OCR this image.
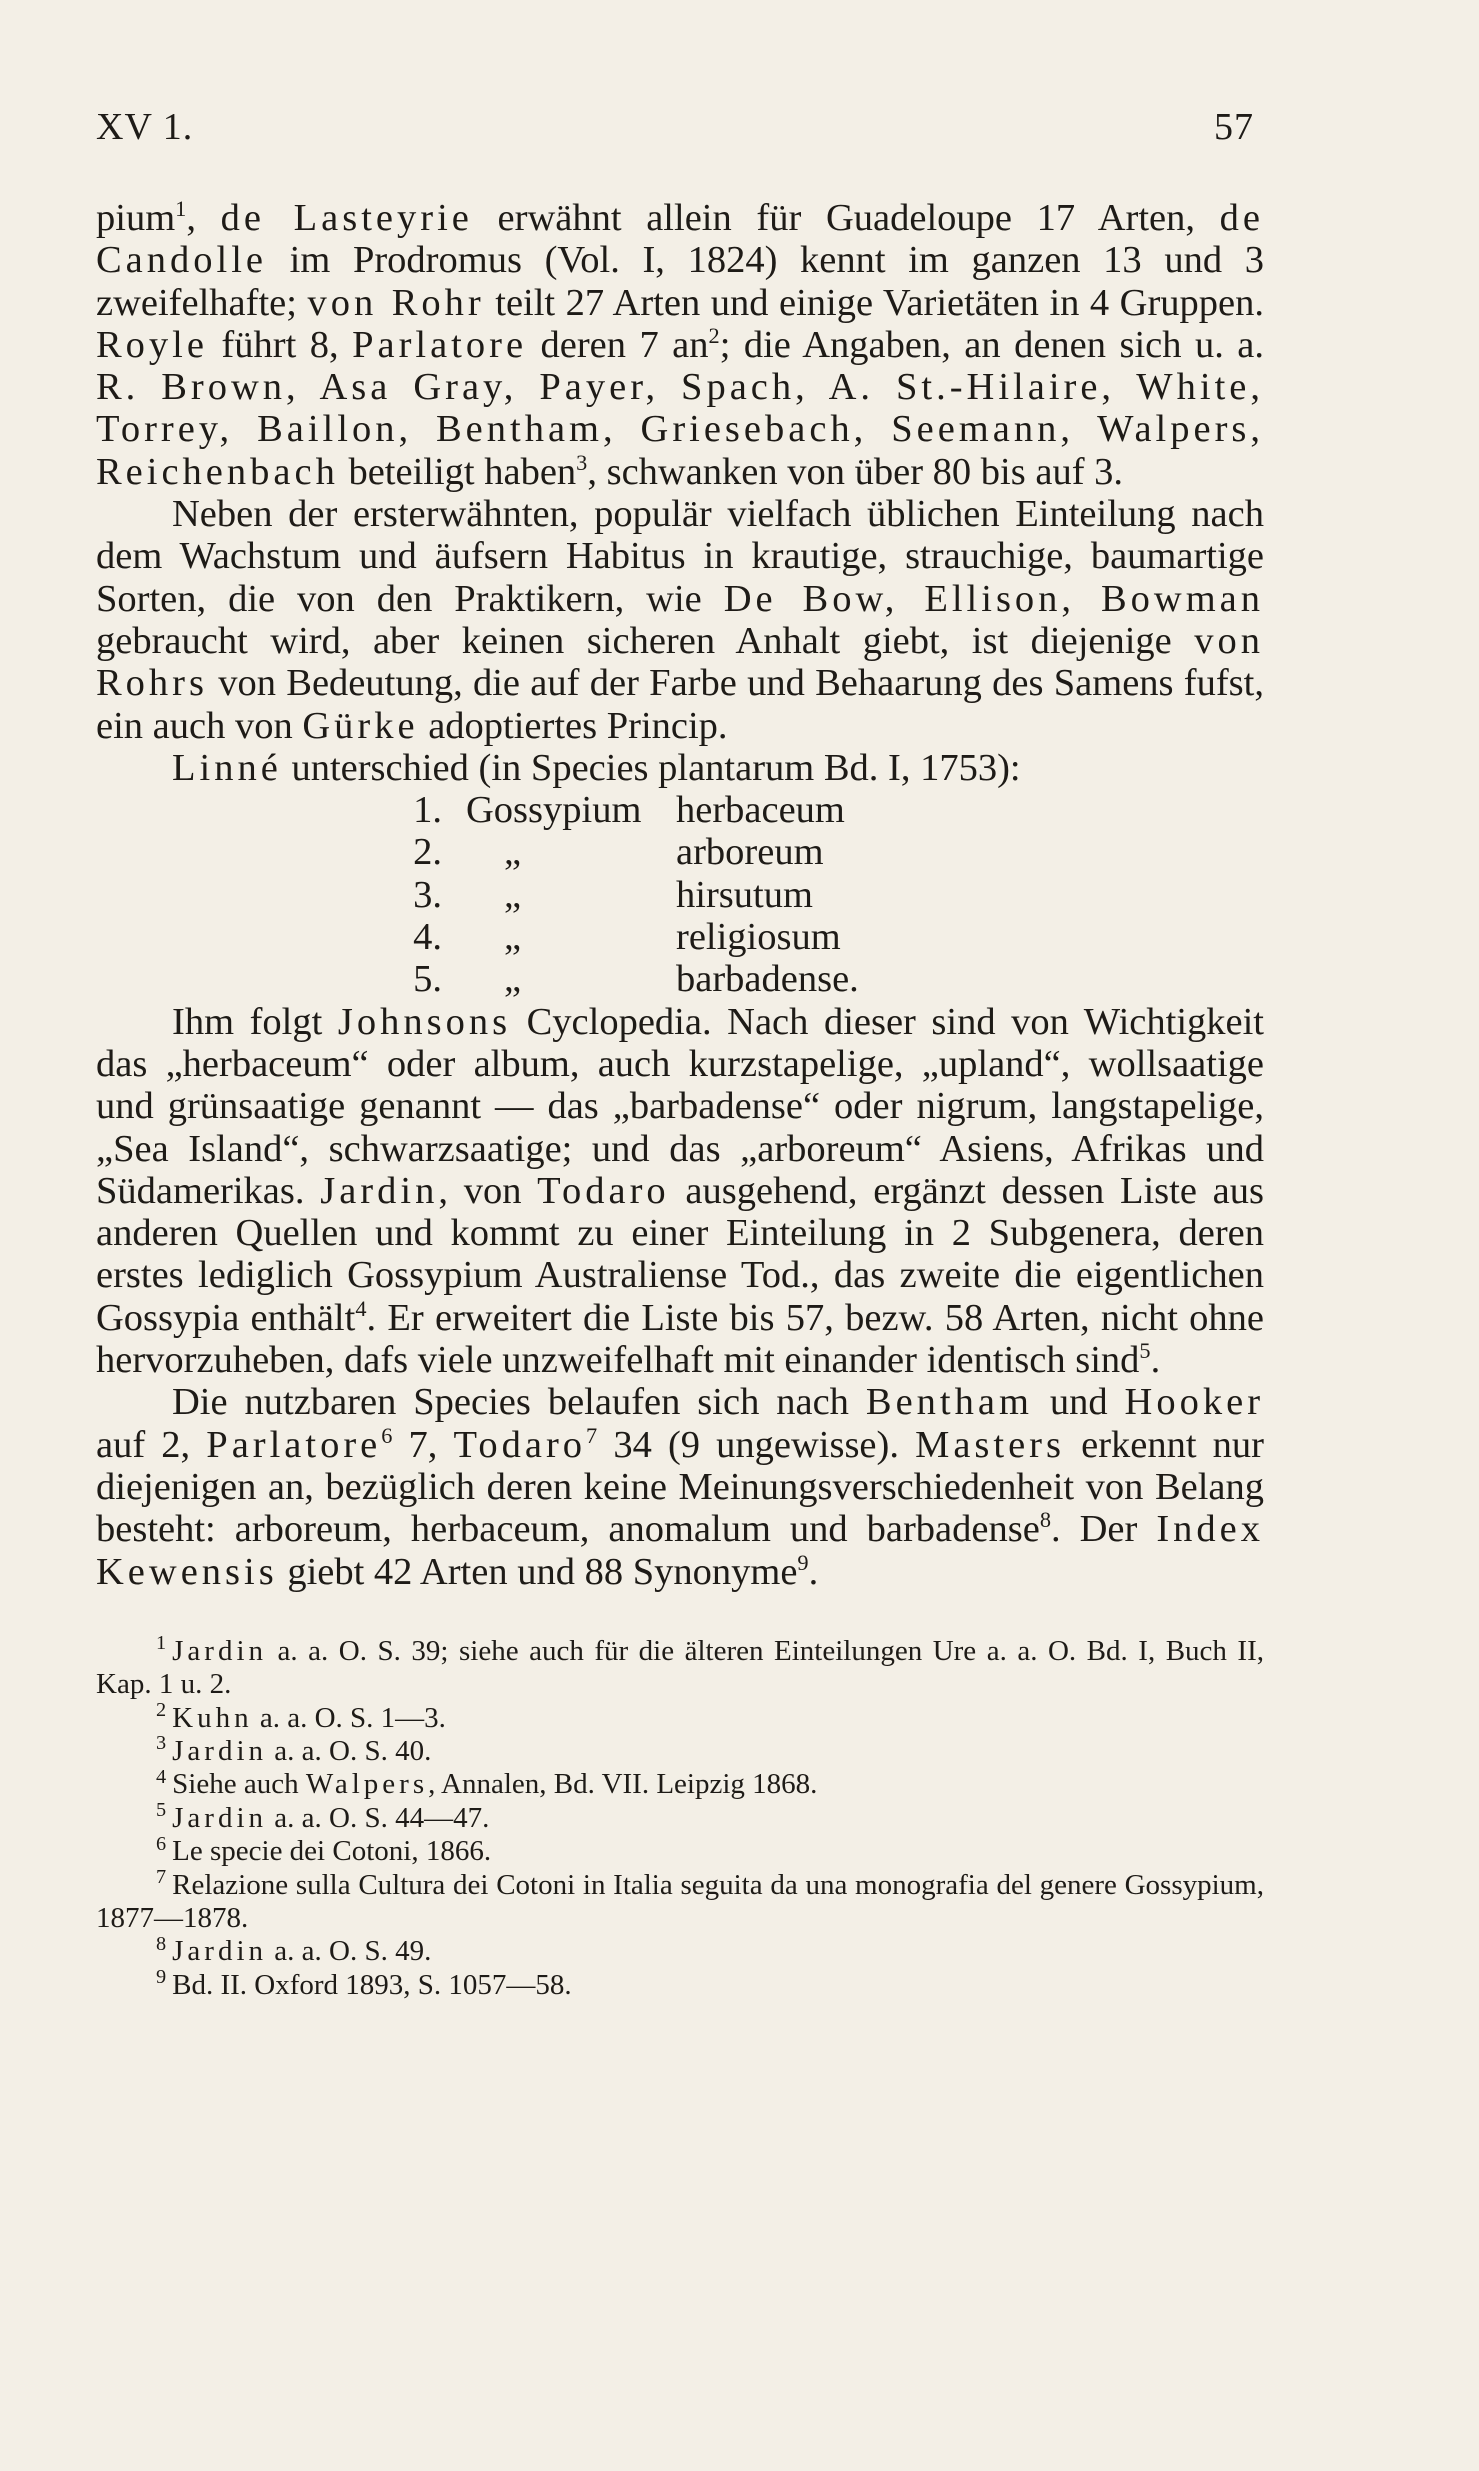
XV 1.	57

pium$^1$, de Lasteyrie erwähnt allein für Guadeloupe 17 Arten, de Candolle im Prodromus (Vol. I, 1824) kennt im ganzen 13 und 3 zweifelhafte; von Rohr teilt 27 Arten und einige Varietäten in 4 Gruppen. Royle führt 8, Parlatore deren 7 $an^2$; die Angaben, an denen sich u. a. R. Brown, Asa Gray, Payer, Spach, A. St.-Hilaire, White, Torrey, Baillon, Bentham, Griesebach, Seemann, Walpers, Reichenbach beteiligt haben$^3$, schwanken von über 80 bis auf 3.

Neben der ersterwähnten, populär vielfach üblichen Einteilung nach dem Wachstum und äufsern Habitus in krautige, strauchige, baumartige Sorten, die von den Praktikern, wie De Bow, Ellison, Bowman gebraucht wird, aber keinen sicheren Anhalt giebt, ist diejenige von Rohrs von Bedeutung, die auf der Farbe und Behaarung des Samens fufst, ein auch von Gürke adoptiertes Princip.

Linné unterschied (in Species plantarum Bd. I, 1753):

1. Gossypium herbaceum
2.	„	arboreum
3.	„	hirsutum
4.	„	religiosum
5.	„	barbadense.

Ihm folgt Johnsons Cyclopedia. Nach dieser sind von Wichtigkeit das „herbaceum“ oder album, auch kurzstapelige, „upland“, wollsaatige und grünsaatige genannt — das „barbadense“ oder nigrum, langstapelige, „Sea Island“, schwarzsaatige; und das „arboreum“ Asiens, Afrikas und Südamerikas. Jardin, von Todaro ausgehend, ergänzt dessen Liste aus anderen Quellen und kommt zu einer Einteilung in 2 Subgenera, deren erstes lediglich Gossypium Australiense Tod., das zweite die eigentlichen Gossypia enthält$^4$. Er erweitert die Liste bis 57, bezw. 58 Arten, nicht ohne hervorzuheben, dafs viele unzweifelhaft mit einander identisch sind$^5$.

Die nutzbaren Species belaufen sich nach Bentham und Hooker auf 2, Parlatore$^6$ 7, Todaro$^7$ 34 (9 ungewisse). Masters erkennt nur diejenigen an, bezüglich deren keine Meinungsverschiedenheit von Belang besteht: arboreum, herbaceum, anomalum und barbadense$^8$. Der Index Kewensis giebt 42 Arten und 88 Synonyme$^9$.

$^1$ Jardin a. a. O. S. 39; siehe auch für die älteren Einteilungen Ure a. a. O. Bd. I, Buch II, Kap. 1 u. 2.

$^2$ Kuhn a. a. O. S. 1—3.

$^3$ Jardin a. a. O. S. 40.

$^4$ Siehe auch Walpers, Annalen, Bd. VII. Leipzig 1868.

$^5$ Jardin a. a. O. S. 44—47.

$^6$ Le specie dei Cotoni, 1866.

$^7$ Relazione sulla Cultura dei Cotoni in Italia seguita da una monografia del genere Gossypium, 1877—1878.

$^8$ Jardin a. a. O. S. 49.

$^9$ Bd. II. Oxford 1893, S. 1057—58.
